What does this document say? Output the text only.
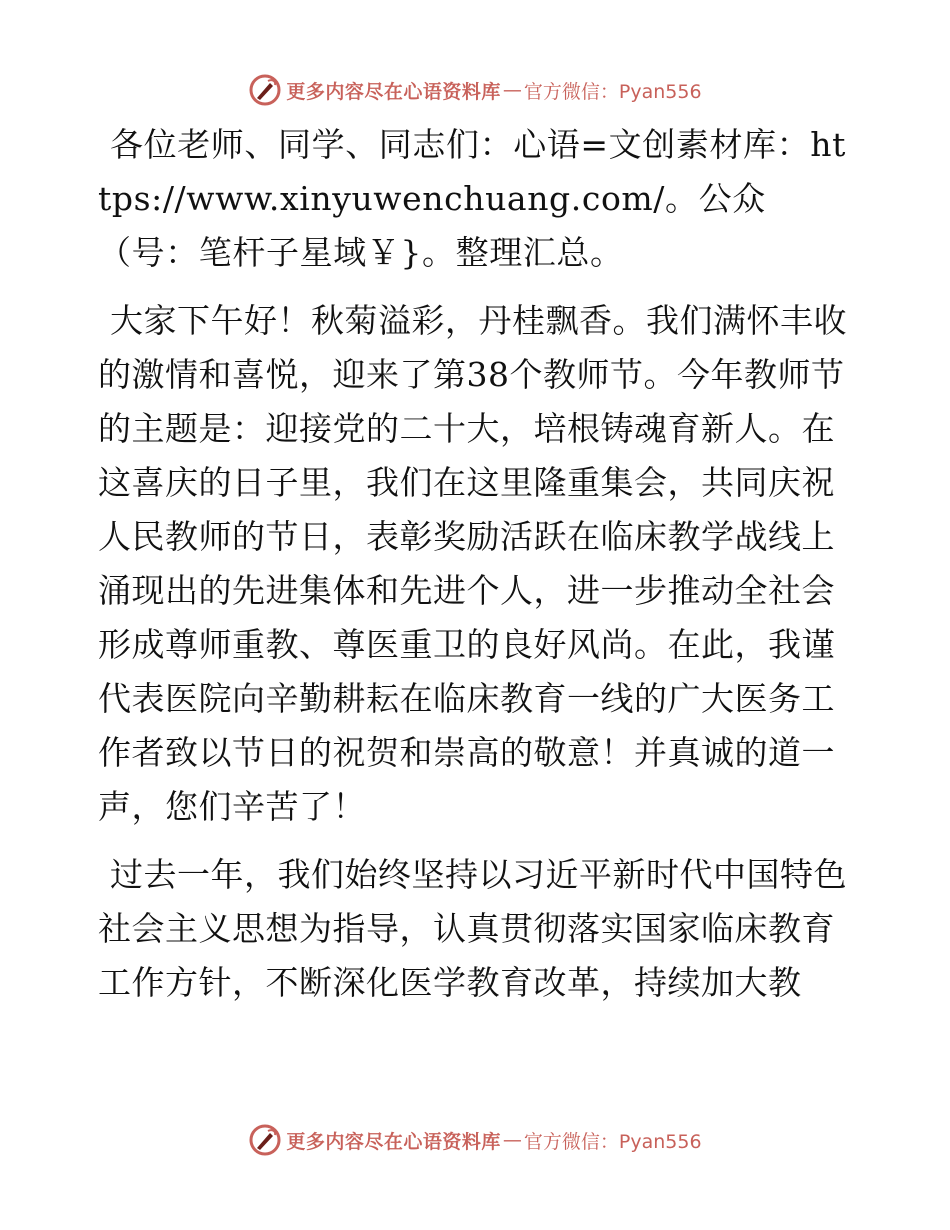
更多内容尽在心语资料库 — 官方微信：Pyan556

各位老师、同学、同志们：心语=文创素材库：https://www.xinyuwenchuang.com/。公众（号：笔杆子星域￥}。整理汇总。

大家下午好！秋菊溢彩，丹桂飘香。我们满怀丰收的激情和喜悦，迎来了第38个教师节。今年教师节的主题是：迎接党的二十大，培根铸魂育新人。在这喜庆的日子里，我们在这里隆重集会，共同庆祝人民教师的节日，表彰奖励活跃在临床教学战线上涌现出的先进集体和先进个人，进一步推动全社会形成尊师重教、尊医重卫的良好风尚。在此，我谨代表医院向辛勤耕耘在临床教育一线的广大医务工作者致以节日的祝贺和崇高的敬意！并真诚的道一声，您们辛苦了！

过去一年，我们始终坚持以习近平新时代中国特色社会主义思想为指导，认真贯彻落实国家临床教育工作方针，不断深化医学教育改革，持续加大教

更多内容尽在心语资料库 — 官方微信：Pyan556
